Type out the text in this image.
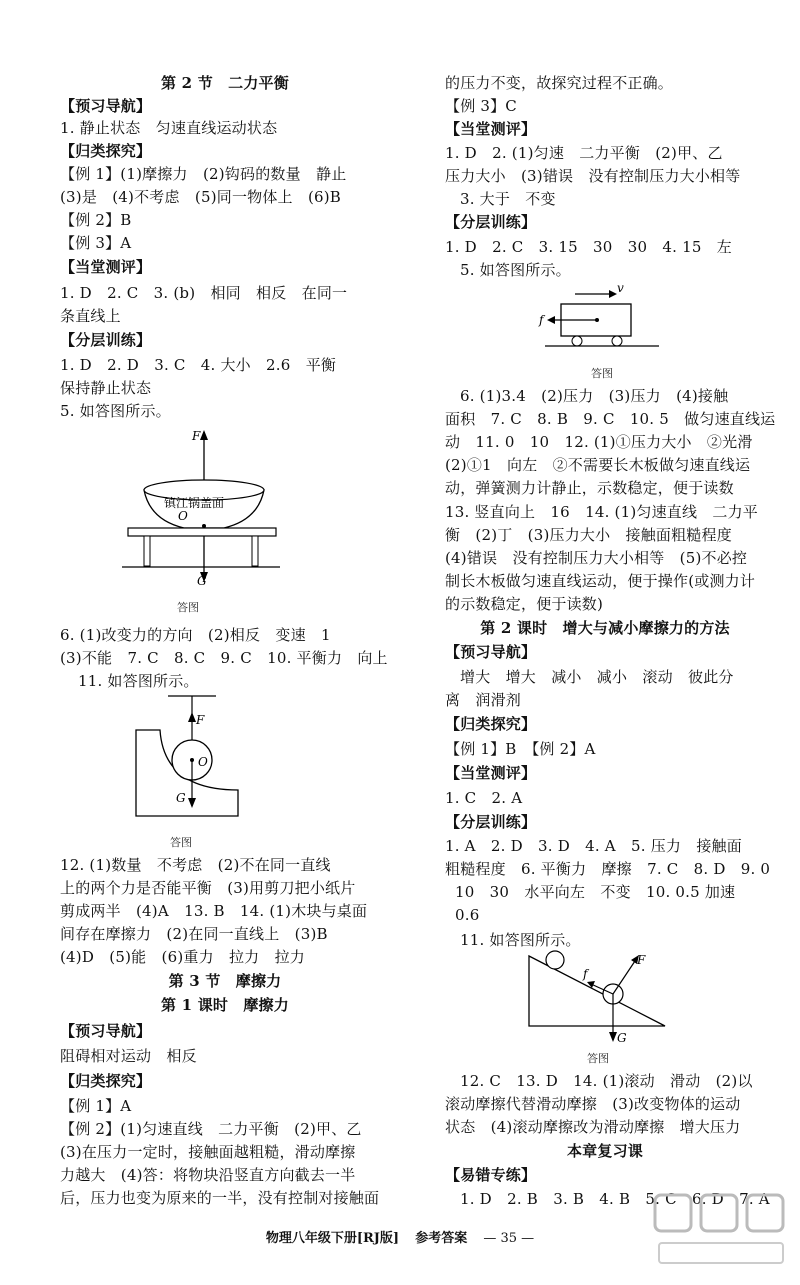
第 2 节　二力平衡
【预习导航】
1. 静止状态　匀速直线运动状态
【归类探究】
【例 1】(1)摩擦力　(2)钩码的数量　静止
(3)是　(4)不考虑　(5)同一物体上　(6)B
【例 2】B
【例 3】A
【当堂测评】
1. D　2. C　3. (b)　相同　相反　在同一
条直线上
【分层训练】
1. D　2. D　3. C　4. 大小　2.6　平衡
保持静止状态
5. 如答图所示。
F
镇江锅盖面
O
G
答图
6. (1)改变力的方向　(2)相反　变速　1
(3)不能　7. C　8. C　9. C　10. 平衡力　向上
11. 如答图所示。
F
O
G
答图
12. (1)数量　不考虑　(2)不在同一直线
上的两个力是否能平衡　(3)用剪刀把小纸片
剪成两半　(4)A　13. B　14. (1)木块与桌面
间存在摩擦力　(2)在同一直线上　(3)B
(4)D　(5)能　(6)重力　拉力　拉力
第 3 节　摩擦力
第 1 课时　摩擦力
【预习导航】
阻碍相对运动　相反
【归类探究】
【例 1】A
【例 2】(1)匀速直线　二力平衡　(2)甲、乙
(3)在压力一定时，接触面越粗糙，滑动摩擦
力越大　(4)答：将物块沿竖直方向截去一半
后，压力也变为原来的一半，没有控制对接触面
的压力不变，故探究过程不正确。
【例 3】C
【当堂测评】
1. D　2. (1)匀速　二力平衡　(2)甲、乙
压力大小　(3)错误　没有控制压力大小相等
3. 大于　不变
【分层训练】
1. D　2. C　3. 15　30　30　4. 15　左
5. 如答图所示。
v
f
答图
6. (1)3.4　(2)压力　(3)压力　(4)接触
面积　7. C　8. B　9. C　10. 5　做匀速直线运
动　11. 0　10　12. (1)①压力大小　②光滑
(2)①1　向左　②不需要长木板做匀速直线运
动，弹簧测力计静止，示数稳定，便于读数
13. 竖直向上　16　14. (1)匀速直线　二力平
衡　(2)丁　(3)压力大小　接触面粗糙程度
(4)错误　没有控制压力大小相等　(5)不必控
制长木板做匀速直线运动，便于操作(或测力计
的示数稳定，便于读数)
第 2 课时　增大与减小摩擦力的方法
【预习导航】
增大　增大　减小　减小　滚动　彼此分
离　润滑剂
【归类探究】
【例 1】B　【例 2】A
【当堂测评】
1. C　2. A
【分层训练】
1. A　2. D　3. D　4. A　5. 压力　接触面
粗糙程度　6. 平衡力　摩擦　7. C　8. D　9. 0
10　30　水平向左　不变　10. 0.5 加速
0.6
11. 如答图所示。
F
f
G
答图
12. C　13. D　14. (1)滚动　滑动　(2)以
滚动摩擦代替滑动摩擦　(3)改变物体的运动
状态　(4)滚动摩擦改为滑动摩擦　增大压力
本章复习课
【易错专练】
1. D　2. B　3. B　4. B　5. C　6. D　7. A
物理八年级下册[RJ版] 参考答案 — 35 —
